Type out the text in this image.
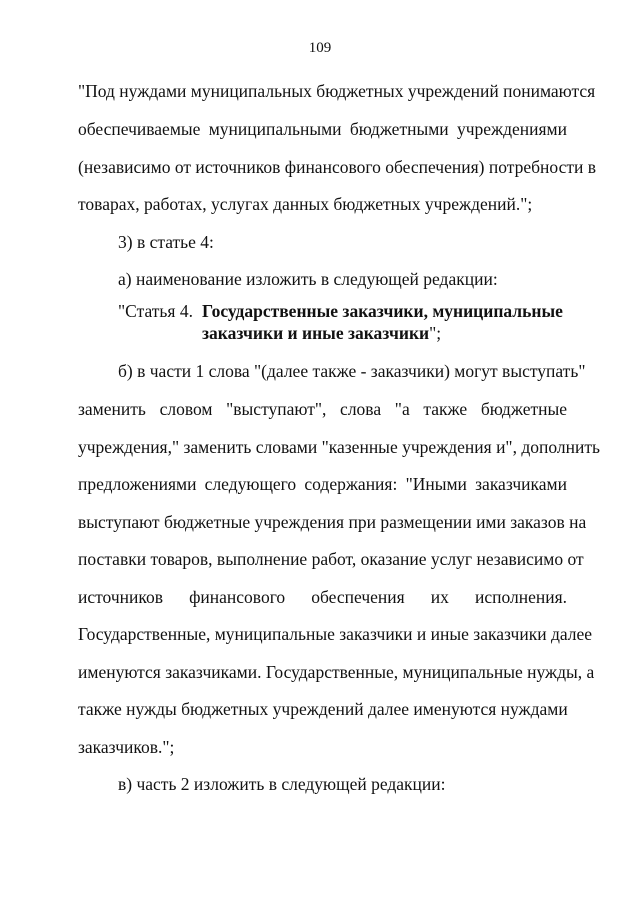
109
"Под нуждами муниципальных бюджетных учреждений понимаются
обеспечиваемые муниципальными бюджетными учреждениями
(независимо от источников финансового обеспечения) потребности в
товарах, работах, услугах данных бюджетных учреждений.";
3) в статье 4:
а) наименование изложить в следующей редакции:
"Статья 4. Государственные заказчики, муниципальные
заказчики и иные заказчики";
б) в части 1 слова "(далее также - заказчики) могут выступать"
заменить словом "выступают", слова "а также бюджетные
учреждения," заменить словами "казенные учреждения и", дополнить
предложениями следующего содержания: "Иными заказчиками
выступают бюджетные учреждения при размещении ими заказов на
поставки товаров, выполнение работ, оказание услуг независимо от
источников финансового обеспечения их исполнения.
Государственные, муниципальные заказчики и иные заказчики далее
именуются заказчиками. Государственные, муниципальные нужды, а
также нужды бюджетных учреждений далее именуются нуждами
заказчиков.";
в) часть 2 изложить в следующей редакции:
